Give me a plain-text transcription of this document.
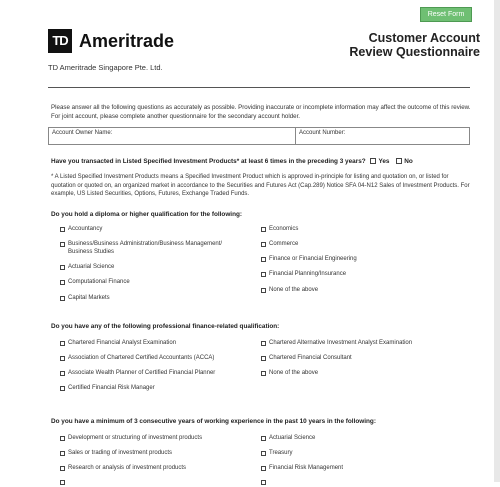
Reset Form
TD Ameritrade
TD Ameritrade Singapore Pte. Ltd.
Customer Account
Review Questionnaire
Please answer all the following questions as accurately as possible. Providing inaccurate or incomplete information may affect the outcome of this review. For joint account, please complete another questionnaire for the secondary account holder.
Account Owner Name:	Account Number:
Have you transacted in Listed Specified Investment Products* at least 6 times in the preceding 3 years? Yes No
* A Listed Specified Investment Products means a Specified Investment Product which is approved in-principle for listing and quotation on, or listed for quotation or quoted on, an organized market in accordance to the Securities and Futures Act (Cap.289) Notice SFA 04-N12 Sales of Investment Products. For example, US Listed Securities, Options, Futures, Exchange Traded Funds.
Do you hold a diploma or higher qualification for the following:
Accountancy
Business/Business Administration/Business Management/
Business Studies
Actuarial Science
Computational Finance
Capital Markets
Economics
Commerce
Finance or Financial Engineering
Financial Planning/Insurance
None of the above
Do you have any of the following professional finance-related qualification:
Chartered Financial Analyst Examination
Association of Chartered Certified Accountants (ACCA)
Associate Wealth Planner of Certified Financial Planner
Certified Financial Risk Manager
Chartered Alternative Investment Analyst Examination
Chartered Financial Consultant
None of the above
Do you have a minimum of 3 consecutive years of working experience in the past 10 years in the following:
Development or structuring of investment products
Sales or trading of investment products
Research or analysis of investment products
Actuarial Science
Treasury
Financial Risk Management
